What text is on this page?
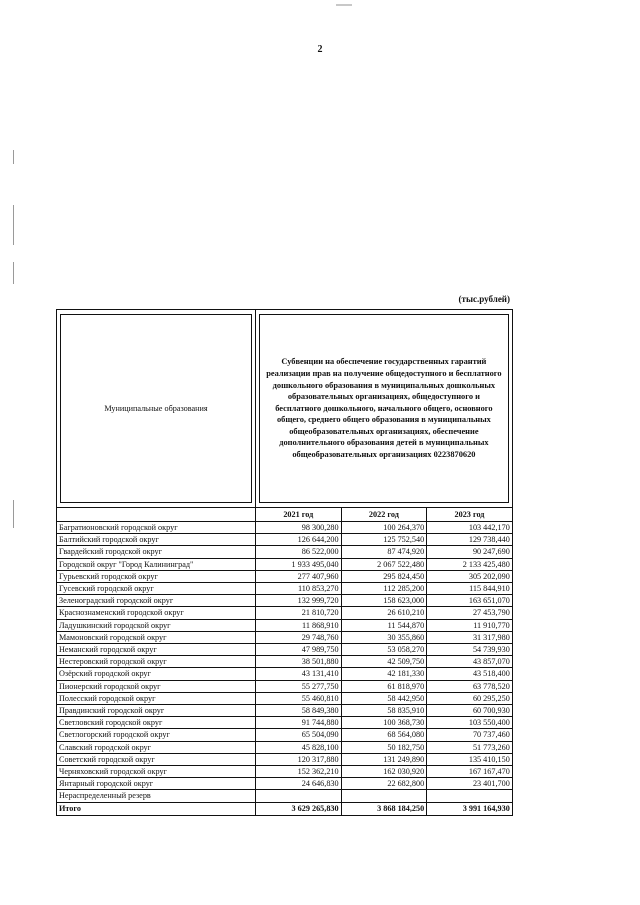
2
(тыс.рублей)
Муниципальные образования	Субвенции на обеспечение государственных гарантий реализации прав на получение общедоступного и бесплатного дошкольного образования в муниципальных дошкольных образовательных организациях, общедоступного и бесплатного дошкольного, начального общего, основного общего, среднего общего образования в муниципальных общеобразовательных организациях, обеспечение дополнительного образования детей в муниципальных общеобразовательных организациях 0223870620		

	2021 год	2022 год	2023 год
Багратионовский городской округ	98 300,280	100 264,370	103 442,170
Балтийский городской округ	126 644,200	125 752,540	129 738,440
Гвардейский городской округ	86 522,000	87 474,920	90 247,690
Городской округ "Город Калининград"	1 933 495,040	2 067 522,480	2 133 425,480
Гурьевский городской округ	277 407,960	295 824,450	305 202,090
Гусевский городской округ	110 853,270	112 285,200	115 844,910
Зеленоградский городской округ	132 999,720	158 623,000	163 651,070
Краснознаменский городской округ	21 810,720	26 610,210	27 453,790
Ладушкинский городской округ	11 868,910	11 544,870	11 910,770
Мамоновский городской округ	29 748,760	30 355,860	31 317,980
Неманский городской округ	47 989,750	53 058,270	54 739,930
Нестеровский городской округ	38 501,880	42 509,750	43 857,070
Озёрский городской округ	43 131,410	42 181,330	43 518,400
Пионерский городской округ	55 277,750	61 818,970	63 778,520
Полесский городской округ	55 460,810	58 442,950	60 295,250
Правдинский городской округ	58 849,380	58 835,910	60 700,930
Светловский городской округ	91 744,880	100 368,730	103 550,400
Светлогорский городской округ	65 504,090	68 564,080	70 737,460
Славский городской округ	45 828,100	50 182,750	51 773,260
Советский городской округ	120 317,880	131 249,890	135 410,150
Черняховский городской округ	152 362,210	162 030,920	167 167,470
Янтарный городской округ	24 646,830	22 682,800	23 401,700
Нераспределенный резерв			
Итого	3 629 265,830	3 868 184,250	3 991 164,930
